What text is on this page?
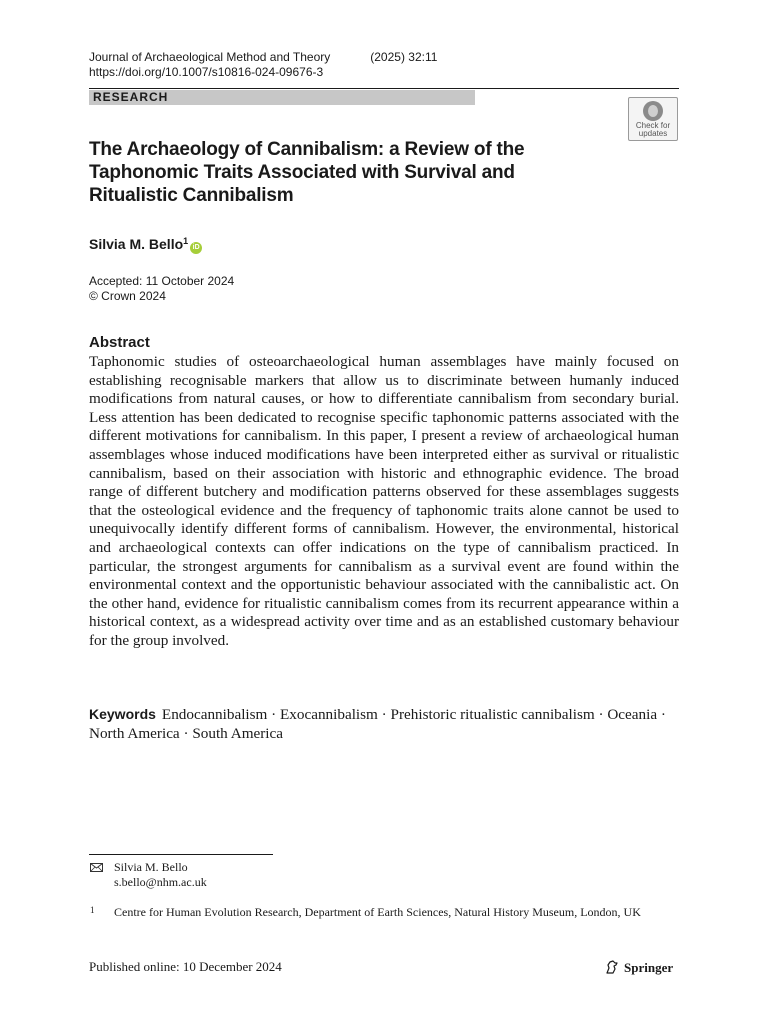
Journal of Archaeological Method and Theory	(2025) 32:11
https://doi.org/10.1007/s10816-024-09676-3
RESEARCH
Check for
updates
The Archaeology of Cannibalism: a Review of the Taphonomic Traits Associated with Survival and Ritualistic Cannibalism
Silvia M. Bello$^1$iD
Accepted: 11 October 2024
© Crown 2024
Abstract

Taphonomic studies of osteoarchaeological human assemblages have mainly focused on establishing recognisable markers that allow us to discriminate between humanly induced modifications from natural causes, or how to differentiate cannibalism from secondary burial. Less attention has been dedicated to recognise specific taphonomic patterns associated with the different motivations for cannibalism. In this paper, I present a review of archaeological human assemblages whose induced modifications have been interpreted either as survival or ritualistic cannibalism, based on their association with historic and ethnographic evidence. The broad range of different butchery and modification patterns observed for these assemblages suggests that the osteological evidence and the frequency of taphonomic traits alone cannot be used to unequivocally identify different forms of cannibalism. However, the environmental, historical and archaeological contexts can offer indications on the type of cannibalism practiced. In particular, the strongest arguments for cannibalism as a survival event are found within the environmental context and the opportunistic behaviour associated with the cannibalistic act. On the other hand, evidence for ritualistic cannibalism comes from its recurrent appearance within a historical context, as a widespread activity over time and as an established customary behaviour for the group involved.

Keywords Endocannibalism · Exocannibalism · Prehistoric ritualistic cannibalism · Oceania · North America · South America

Silvia M. Bello
s.bello@nhm.ac.uk
1 Centre for Human Evolution Research, Department of Earth Sciences, Natural History Museum, London, UK
Published online: 10 December 2024	Springer
